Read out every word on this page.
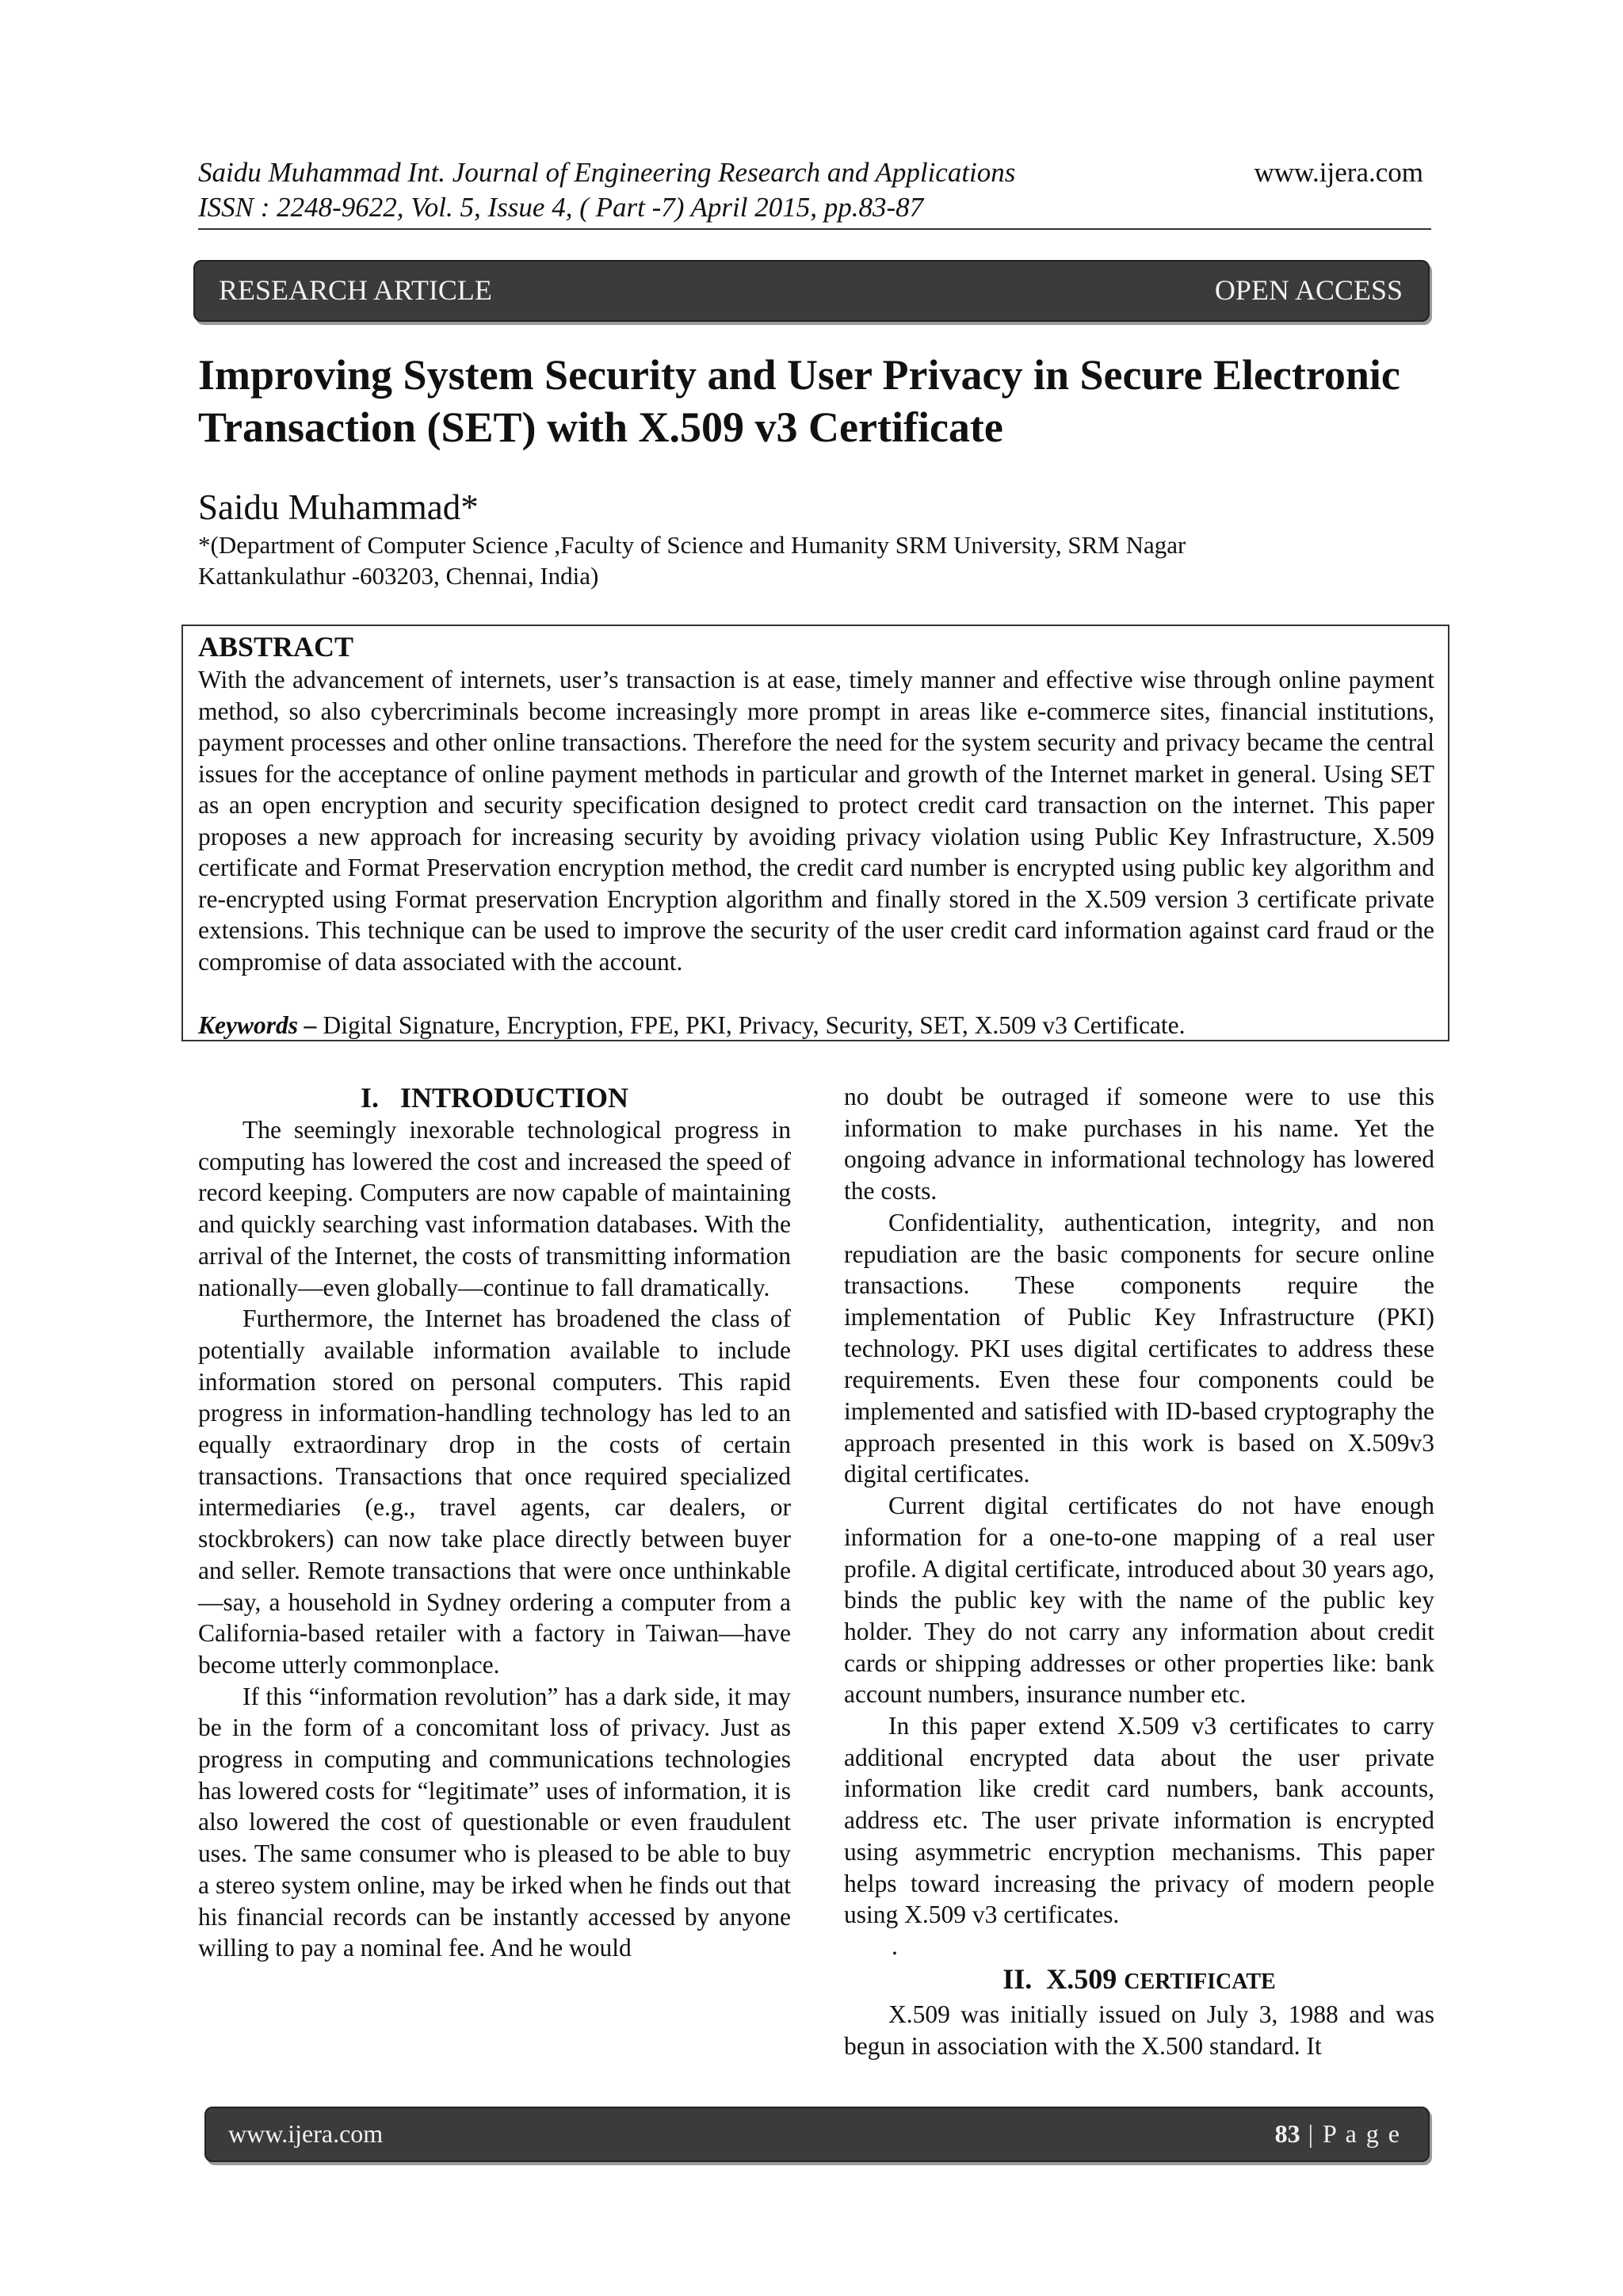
Saidu Muhammad Int. Journal of Engineering Research and Applications
ISSN : 2248-9622, Vol. 5, Issue 4, ( Part -7) April 2015, pp.83-87
www.ijera.com
RESEARCH ARTICLE	OPEN ACCESS
Improving System Security and User Privacy in Secure Electronic Transaction (SET) with X.509 v3 Certificate
Saidu Muhammad*
*(Department of Computer Science ,Faculty of Science and Humanity SRM University, SRM Nagar
Kattankulathur -603203, Chennai, India)
ABSTRACT

With the advancement of internets, user’s transaction is at ease, timely manner and effective wise through online payment method, so also cybercriminals become increasingly more prompt in areas like e-commerce sites, financial institutions, payment processes and other online transactions. Therefore the need for the system security and privacy became the central issues for the acceptance of online payment methods in particular and growth of the Internet market in general. Using SET as an open encryption and security specification designed to protect credit card transaction on the internet. This paper proposes a new approach for increasing security by avoiding privacy violation using Public Key Infrastructure, X.509 certificate and Format Preservation encryption method, the credit card number is encrypted using public key algorithm and re-encrypted using Format preservation Encryption algorithm and finally stored in the X.509 version 3 certificate private extensions. This technique can be used to improve the security of the user credit card information against card fraud or the compromise of data associated with the account.

Keywords – Digital Signature, Encryption, FPE, PKI, Privacy, Security, SET, X.509 v3 Certificate.

I.   INTRODUCTION

The seemingly inexorable technological progress in computing has lowered the cost and increased the speed of record keeping. Computers are now capable of maintaining and quickly searching vast information databases. With the arrival of the Internet, the costs of transmitting information nationally—even globally—continue to fall dramatically.

Furthermore, the Internet has broadened the class of potentially available information available to include information stored on personal computers. This rapid progress in information-handling technology has led to an equally extraordinary drop in the costs of certain transactions. Transactions that once required specialized intermediaries (e.g., travel agents, car dealers, or stockbrokers) can now take place directly between buyer and seller. Remote transactions that were once unthinkable—say, a household in Sydney ordering a computer from a California-based retailer with a factory in Taiwan—have become utterly commonplace.

If this “information revolution” has a dark side, it may be in the form of a concomitant loss of privacy. Just as progress in computing and communications technologies has lowered costs for “legitimate” uses of information, it is also lowered the cost of questionable or even fraudulent uses. The same consumer who is pleased to be able to buy a stereo system online, may be irked when he finds out that his financial records can be instantly accessed by anyone willing to pay a nominal fee. And he would

no doubt be outraged if someone were to use this information to make purchases in his name. Yet the ongoing advance in informational technology has lowered the costs.

Confidentiality, authentication, integrity, and non repudiation are the basic components for secure online transactions. These components require the implementation of Public Key Infrastructure (PKI) technology. PKI uses digital certificates to address these requirements. Even these four components could be implemented and satisfied with ID-based cryptography the approach presented in this work is based on X.509v3 digital certificates.

Current digital certificates do not have enough information for a one-to-one mapping of a real user profile. A digital certificate, introduced about 30 years ago, binds the public key with the name of the public key holder. They do not carry any information about credit cards or shipping addresses or other properties like: bank account numbers, insurance number etc.

In this paper extend X.509 v3 certificates to carry additional encrypted data about the user private information like credit card numbers, bank accounts, address etc. The user private information is encrypted using asymmetric encryption mechanisms. This paper helps toward increasing the privacy of modern people using X.509 v3 certificates.

.

II.  X.509 CERTIFICATE

X.509 was initially issued on July 3, 1988 and was begun in association with the X.500 standard. It

www.ijera.com	83 | P a g e
